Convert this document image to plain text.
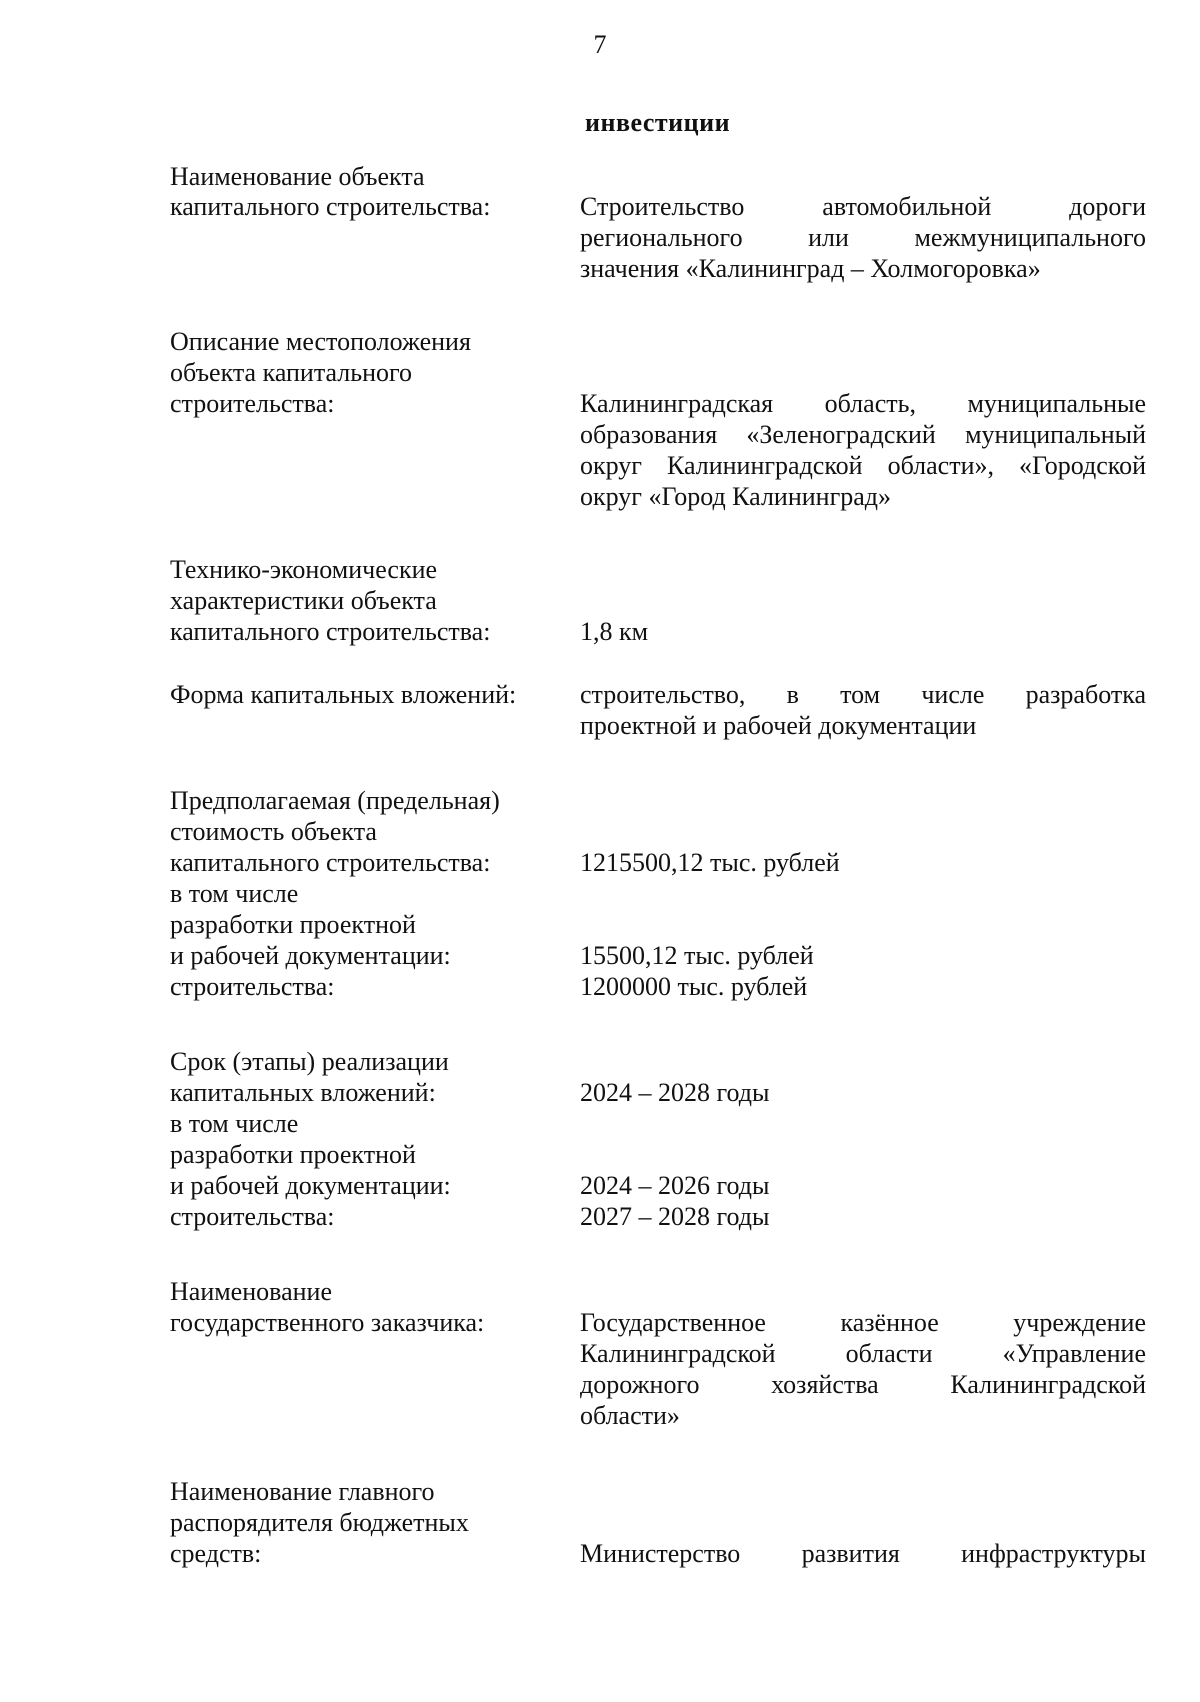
7
инвестиции
Наименование объекта
капитального строительства:	Строительство автомобильной дороги
регионального или межмуниципального
значения «Калининград – Холмогоровка»
Описание местоположения
объекта капитального
строительства:	Калининградская область, муниципальные
образования «Зеленоградский муниципальный
округ Калининградской области», «Городской
округ «Город Калининград»
Технико-экономические
характеристики объекта
капитального строительства:	1,8 км
Форма капитальных вложений: строительство, в том числе разработка
проектной и рабочей документации
Предполагаемая (предельная)
стоимость объекта
капитального строительства:	1215500,12 тыс. рублей
в том числе
разработки проектной
и рабочей документации:	15500,12 тыс. рублей
строительства:	1200000 тыс. рублей
Срок (этапы) реализации
капитальных вложений:	2024 – 2028 годы
в том числе
разработки проектной
и рабочей документации:	2024 – 2026 годы
строительства:	2027 – 2028 годы
Наименование
государственного заказчика:	Государственное казённое учреждение
Калининградской области «Управление
дорожного хозяйства Калининградской
области»
Наименование главного
распорядителя бюджетных
средств:	Министерство развития инфраструктуры
